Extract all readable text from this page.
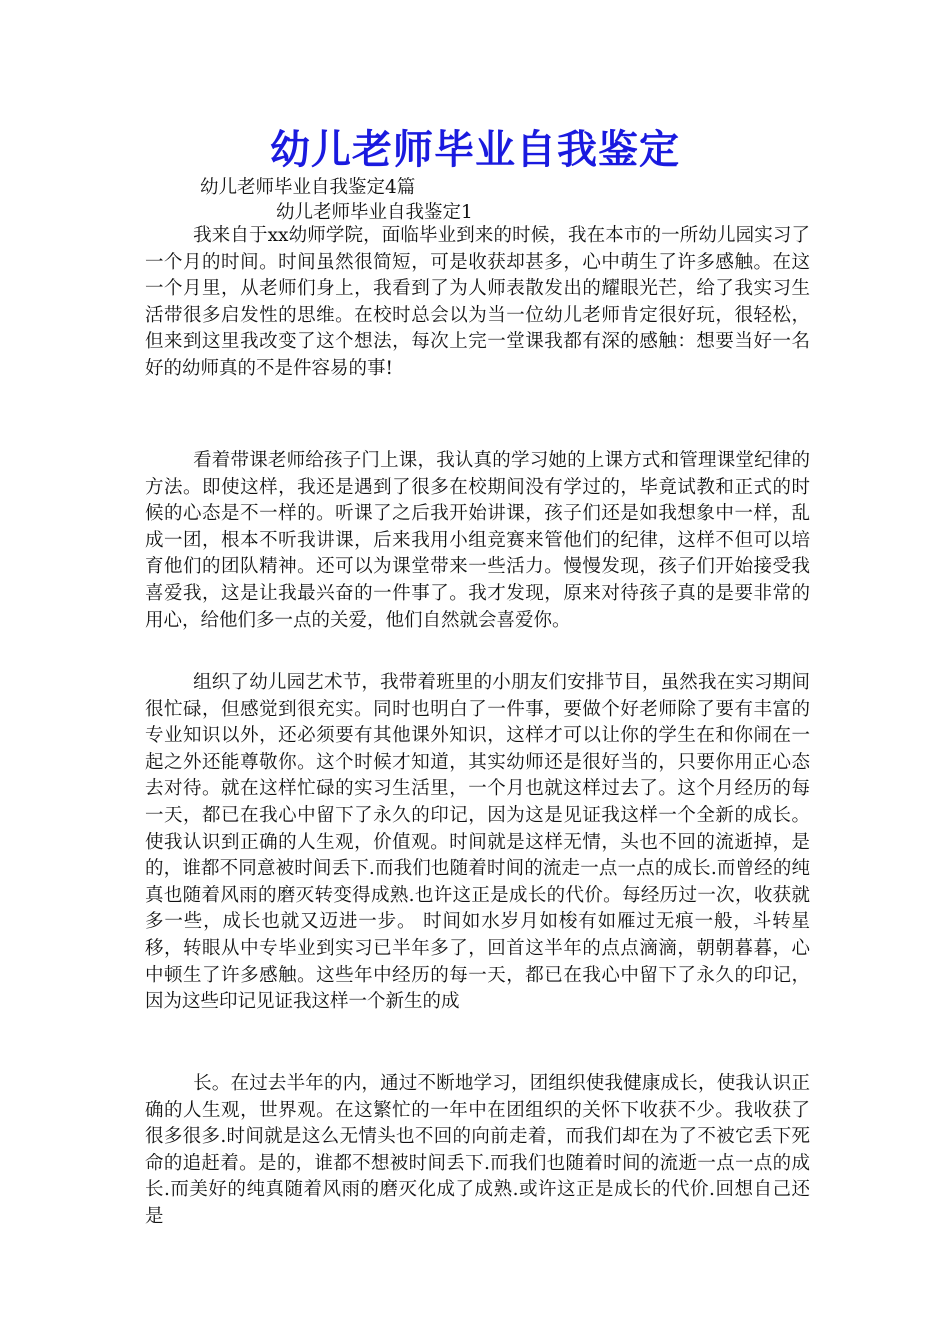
幼儿老师毕业自我鉴定
幼儿老师毕业自我鉴定4篇
幼儿老师毕业自我鉴定1

我来自于xx幼师学院，面临毕业到来的时候，我在本市的一所幼儿园实习了一个月的时间。时间虽然很简短，可是收获却甚多，心中萌生了许多感触。在这一个月里，从老师们身上，我看到了为人师表散发出的耀眼光芒，给了我实习生活带很多启发性的思维。在校时总会以为当一位幼儿老师肯定很好玩，很轻松，但来到这里我改变了这个想法，每次上完一堂课我都有深的感触：想要当好一名好的幼师真的不是件容易的事!

看着带课老师给孩子门上课，我认真的学习她的上课方式和管理课堂纪律的方法。即使这样，我还是遇到了很多在校期间没有学过的，毕竟试教和正式的时候的心态是不一样的。听课了之后我开始讲课，孩子们还是如我想象中一样，乱成一团，根本不听我讲课，后来我用小组竞赛来管他们的纪律，这样不但可以培育他们的团队精神。还可以为课堂带来一些活力。慢慢发现，孩子们开始接受我喜爱我，这是让我最兴奋的一件事了。我才发现，原来对待孩子真的是要非常的用心，给他们多一点的关爱，他们自然就会喜爱你。

组织了幼儿园艺术节，我带着班里的小朋友们安排节目，虽然我在实习期间很忙碌，但感觉到很充实。同时也明白了一件事，要做个好老师除了要有丰富的专业知识以外，还必须要有其他课外知识，这样才可以让你的学生在和你闹在一起之外还能尊敬你。这个时候才知道，其实幼师还是很好当的，只要你用正心态去对待。就在这样忙碌的实习生活里，一个月也就这样过去了。这个月经历的每一天，都已在我心中留下了永久的印记，因为这是见证我这样一个全新的成长。使我认识到正确的人生观，价值观。时间就是这样无情，头也不回的流逝掉，是的，谁都不同意被时间丢下.而我们也随着时间的流走一点一点的成长.而曾经的纯真也随着风雨的磨灭转变得成熟.也许这正是成长的代价。每经历过一次，收获就多一些，成长也就又迈进一步。 时间如水岁月如梭有如雁过无痕一般，斗转星移，转眼从中专毕业到实习已半年多了，回首这半年的点点滴滴，朝朝暮暮，心中顿生了许多感触。这些年中经历的每一天，都已在我心中留下了永久的印记，因为这些印记见证我这样一个新生的成

长。在过去半年的内，通过不断地学习，团组织使我健康成长，使我认识正确的人生观，世界观。在这繁忙的一年中在团组织的关怀下收获不少。我收获了很多很多.时间就是这么无情头也不回的向前走着，而我们却在为了不被它丢下死命的追赶着。是的，谁都不想被时间丢下.而我们也随着时间的流逝一点一点的成长.而美好的纯真随着风雨的磨灭化成了成熟.或许这正是成长的代价.回想自己还是
